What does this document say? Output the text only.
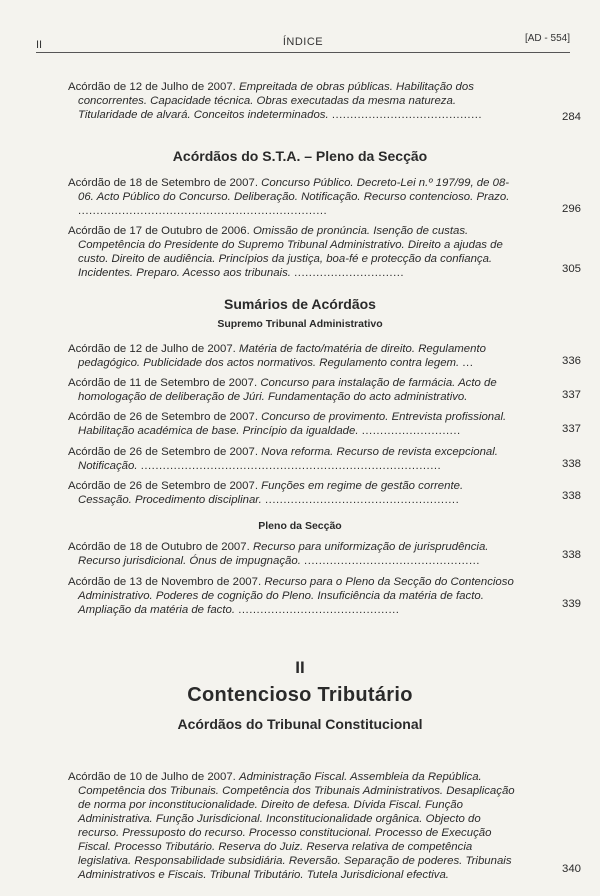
II	ÍNDICE	[AD - 554]
Acórdão de 12 de Julho de 2007. Empreitada de obras públicas. Habilitação dos concorrentes. Capacidade técnica. Obras executadas da mesma natureza. Titularidade de alvará. Conceitos indeterminados. .........................................	284
Acórdãos do S.T.A. – Pleno da Secção
Acórdão de 18 de Setembro de 2007. Concurso Público. Decreto-Lei n.º 197/99, de 08-06. Acto Público do Concurso. Deliberação. Notificação. Recurso contencioso. Prazo. ....................................................................	296
Acórdão de 17 de Outubro de 2006. Omissão de pronúncia. Isenção de custas. Competência do Presidente do Supremo Tribunal Administrativo. Direito a ajudas de custo. Direito de audiência. Princípios da justiça, boa-fé e protecção da confiança. Incidentes. Preparo. Acesso aos tribunais. ..............................	305
Sumários de Acórdãos
Supremo Tribunal Administrativo
Acórdão de 12 de Julho de 2007. Matéria de facto/matéria de direito. Regulamento pedagógico. Publicidade dos actos normativos. Regulamento contra legem. ...	336
Acórdão de 11 de Setembro de 2007. Concurso para instalação de farmácia. Acto de homologação de deliberação de Júri. Fundamentação do acto administrativo.	337
Acórdão de 26 de Setembro de 2007. Concurso de provimento. Entrevista profissional. Habilitação académica de base. Princípio da igualdade. ...........................	337
Acórdão de 26 de Setembro de 2007. Nova reforma. Recurso de revista excepcional. Notificação. ..................................................................................	338
Acórdão de 26 de Setembro de 2007. Funções em regime de gestão corrente. Cessação. Procedimento disciplinar. .....................................................	338
Pleno da Secção
Acórdão de 18 de Outubro de 2007. Recurso para uniformização de jurisprudência. Recurso jurisdicional. Ónus de impugnação. ................................................	338
Acórdão de 13 de Novembro de 2007. Recurso para o Pleno da Secção do Contencioso Administrativo. Poderes de cognição do Pleno. Insuficiência da matéria de facto. Ampliação da matéria de facto. ............................................	339
II
Contencioso Tributário
Acórdãos do Tribunal Constitucional
Acórdão de 10 de Julho de 2007. Administração Fiscal. Assembleia da República. Competência dos Tribunais. Competência dos Tribunais Administrativos. Desaplicação de norma por inconstitucionalidade. Direito de defesa. Dívida Fiscal. Função Administrativa. Função Jurisdicional. Inconstitucionalidade orgânica. Objecto do recurso. Pressuposto do recurso. Processo constitucional. Processo de Execução Fiscal. Processo Tributário. Reserva do Juiz. Reserva relativa de competência legislativa. Responsabilidade subsidiária. Reversão. Separação de poderes. Tribunais Administrativos e Fiscais. Tribunal Tributário. Tutela Jurisdicional efectiva.	340
